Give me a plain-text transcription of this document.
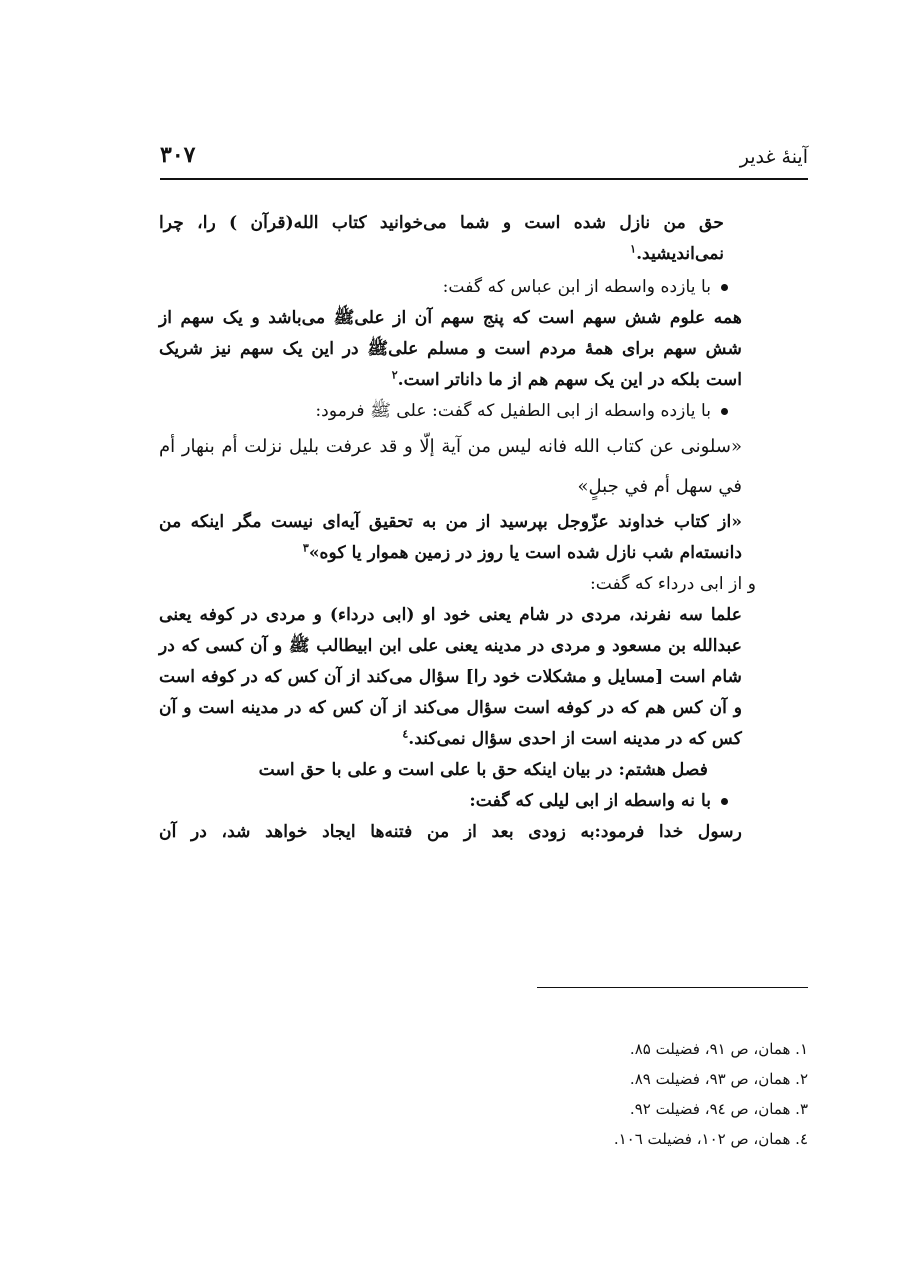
آینهٔ غدیر
۳۰۷

حق من نازل شده است و شما می‌خوانید کتاب الله(قرآن ) را، چرا نمی‌اندیشید.$^۱$

با یازده واسطه از ابن عباس که گفت:

همه علوم شش سهم است که پنج سهم آن از علی‌ﷺ می‌باشد و یک سهم از شش سهم برای همهٔ مردم است و مسلم علی‌ﷺ در این یک سهم نیز شریک است بلکه در این یک سهم هم از ما داناتر است.$^۲$

با یازده واسطه از ابی الطفیل که گفت: علی ﷺ فرمود:

«سلونی عن کتاب الله فانه لیس من آیة إلّا و قد عرفت بلیل نزلت أم بنهار أم في سهل أم في جبلٍ»

«از کتاب خداوند عزّوجل بپرسید از من به تحقیق آیه‌ای نیست مگر اینکه من دانسته‌ام شب نازل شده است یا روز در زمین هموار یا کوه»$^۳$

و از ابی درداء که گفت:

علما سه نفرند، مردی در شام یعنی خود او (ابی درداء) و مردی در کوفه یعنی عبدالله بن مسعود و مردی در مدینه یعنی علی ابن ابیطالب ﷺ و آن کسی که در شام است [مسایل و مشکلات خود را] سؤال می‌کند از آن کس که در کوفه است و آن کس هم که در کوفه است سؤال می‌کند از آن کس که در مدینه است و آن کس که در مدینه است از احدی سؤال نمی‌کند.$^٤$

فصل هشتم: در بیان اینکه حق با علی است و علی با حق است

با نه واسطه از ابی لیلی که گفت:

رسول خدا فرمود:به زودی بعد از من فتنه‌ها ایجاد خواهد شد، در آن

۱. همان، ص ۹۱، فضیلت ۸۵.

۲. همان، ص ۹۳، فضیلت ۸۹.

۳. همان، ص ۹٤، فضیلت ۹۲.

٤. همان، ص ۱۰۲، فضیلت ۱۰٦.
